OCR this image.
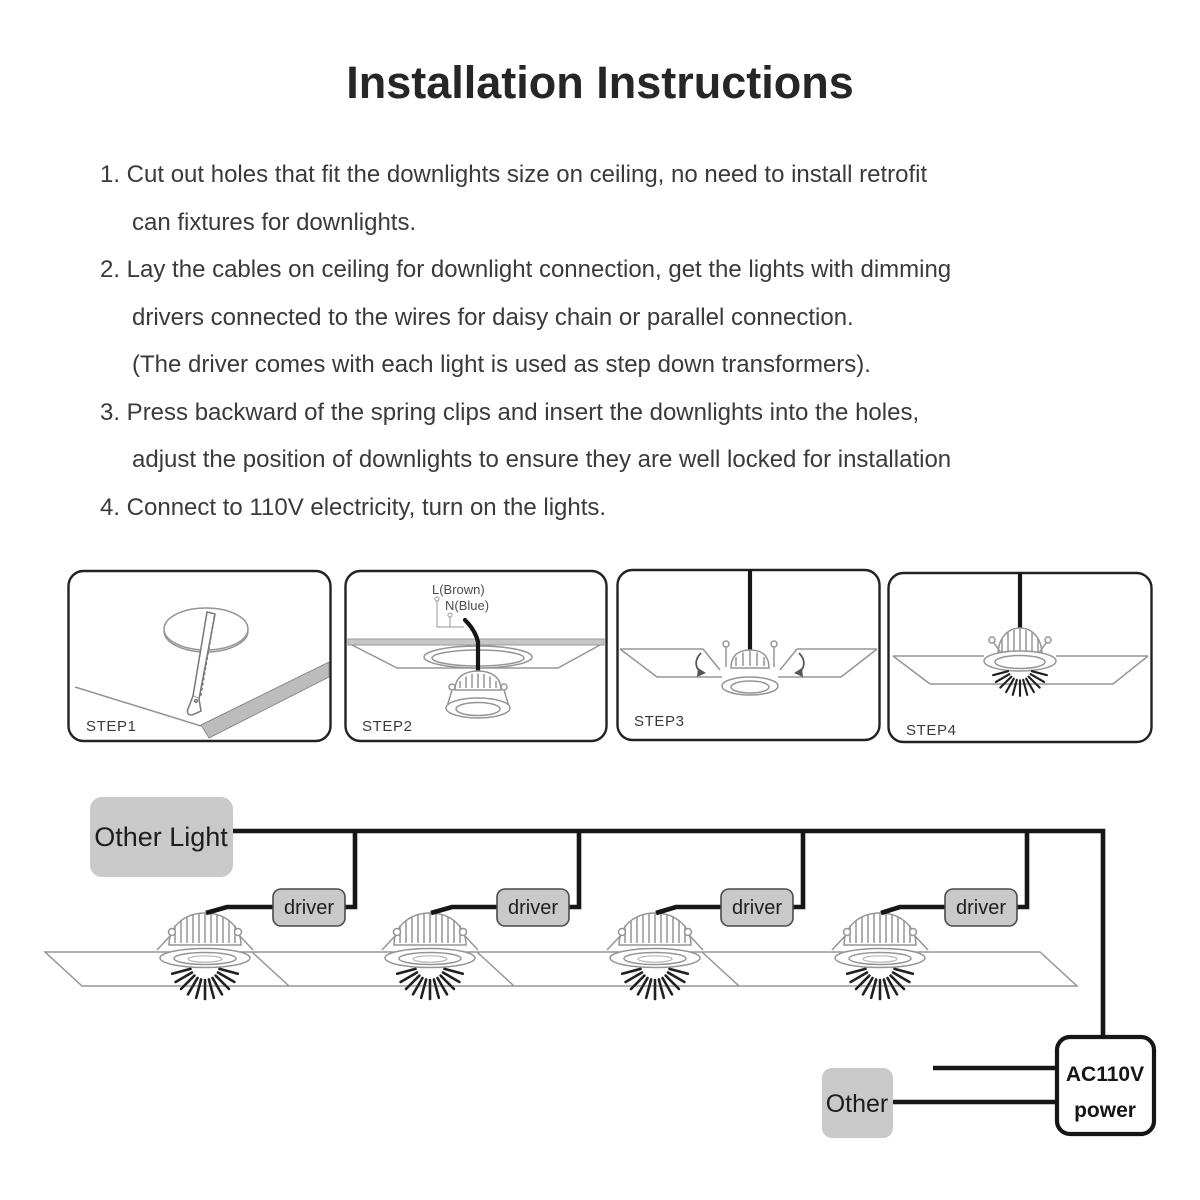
Installation Instructions
1. Cut out holes that fit the downlights size on ceiling, no need to install retrofit
can fixtures for downlights.
2. Lay the cables on ceiling for downlight connection, get the lights with dimming
drivers connected to the wires for daisy chain or parallel connection.
(The driver comes with each light is used as step down transformers).
3. Press backward of the spring clips and insert the downlights into the holes,
adjust the position of downlights to ensure they are well locked for installation
4. Connect to 110V electricity, turn on the lights.
STEP1
L(Brown)
N(Blue)
STEP2	STEP3
STEP4
Other Light
driver	driver	driver	driver
Other
AC110V
power
